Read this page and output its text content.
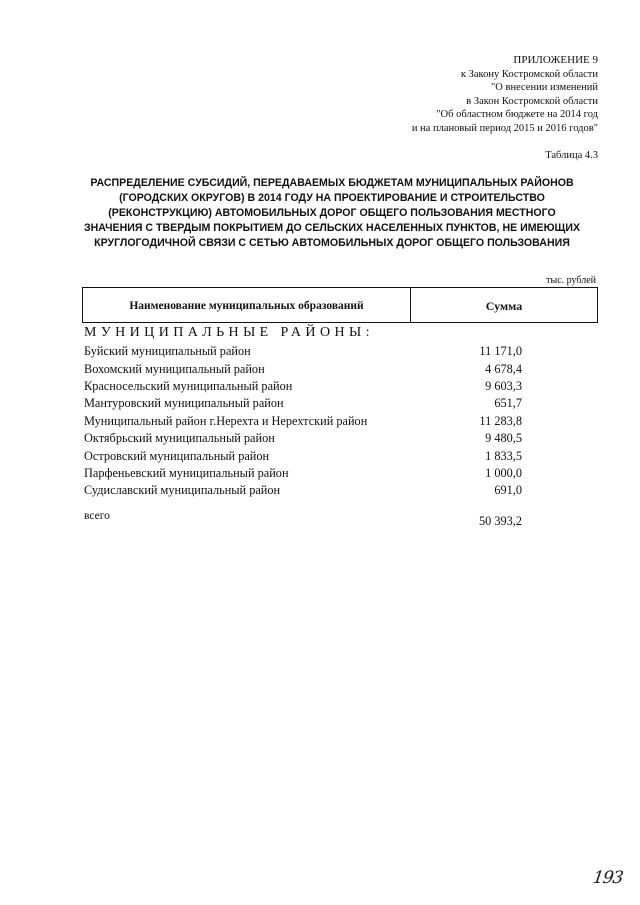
ПРИЛОЖЕНИЕ 9
к Закону Костромской области
"О внесении изменений
в Закон Костромской области
"Об областном бюджете на 2014 год
и на плановый период 2015 и 2016 годов"
Таблица 4.3
РАСПРЕДЕЛЕНИЕ СУБСИДИЙ, ПЕРЕДАВАЕМЫХ БЮДЖЕТАМ МУНИЦИПАЛЬНЫХ РАЙОНОВ
(ГОРОДСКИХ ОКРУГОВ) В 2014 ГОДУ НА ПРОЕКТИРОВАНИЕ И СТРОИТЕЛЬСТВО
(РЕКОНСТРУКЦИЮ) АВТОМОБИЛЬНЫХ ДОРОГ ОБЩЕГО ПОЛЬЗОВАНИЯ МЕСТНОГО
ЗНАЧЕНИЯ С ТВЕРДЫМ ПОКРЫТИЕМ ДО СЕЛЬСКИХ НАСЕЛЕННЫХ ПУНКТОВ, НЕ ИМЕЮЩИХ
КРУГЛОГОДИЧНОЙ СВЯЗИ С СЕТЬЮ АВТОМОБИЛЬНЫХ ДОРОГ ОБЩЕГО ПОЛЬЗОВАНИЯ
тыс. рублей
Наименование муниципальных образований	Сумма
МУНИЦИПАЛЬНЫЕ РАЙОНЫ:
Буйский муниципальный район	11 171,0
Вохомский муниципальный район	4 678,4
Красносельский муниципальный район	9 603,3
Мантуровский муниципальный район	651,7
Муниципальный район г.Нерехта и Нерехтский район	11 283,8
Октябрьский муниципальный район	9 480,5
Островский муниципальный район	1 833,5
Парфеньевский муниципальный район	1 000,0
Судиславский муниципальный район	691,0
всего	50 393,2
193
